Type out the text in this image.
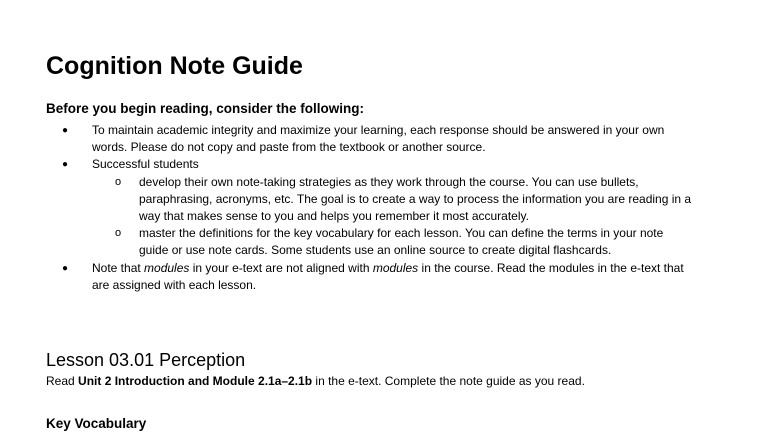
Cognition Note Guide
Before you begin reading, consider the following:
● To maintain academic integrity and maximize your learning, each response should be answered in your own words. Please do not copy and paste from the textbook or another source.
● Successful students
o develop their own note-taking strategies as they work through the course. You can use bullets, paraphrasing, acronyms, etc. The goal is to create a way to process the information you are reading in a way that makes sense to you and helps you remember it most accurately.
o master the definitions for the key vocabulary for each lesson. You can define the terms in your note guide or use note cards. Some students use an online source to create digital flashcards.
● Note that modules in your e-text are not aligned with modules in the course. Read the modules in the e-text that are assigned with each lesson.
Lesson 03.01 Perception
Read Unit 2 Introduction and Module 2.1a–2.1b in the e-text. Complete the note guide as you read.
Key Vocabulary
